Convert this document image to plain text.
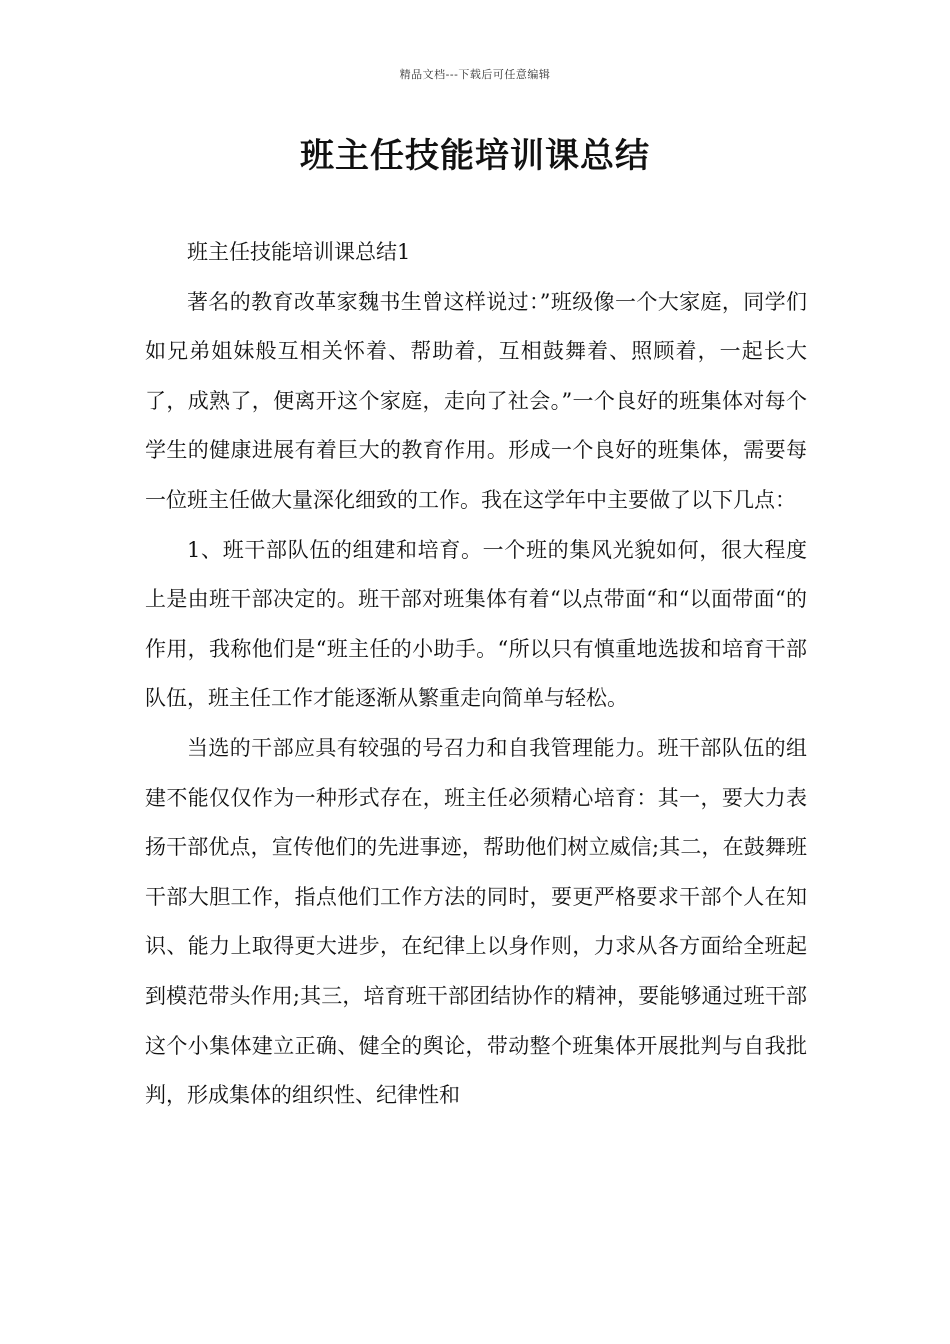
精品文档---下载后可任意编辑
班主任技能培训课总结

班主任技能培训课总结1

著名的教育改革家魏书生曾这样说过：”班级像一个大家庭，同学们如兄弟姐妹般互相关怀着、帮助着，互相鼓舞着、照顾着，一起长大了，成熟了，便离开这个家庭，走向了社会。”一个良好的班集体对每个学生的健康进展有着巨大的教育作用。形成一个良好的班集体，需要每一位班主任做大量深化细致的工作。我在这学年中主要做了以下几点：

1、班干部队伍的组建和培育。一个班的集风光貌如何，很大程度上是由班干部决定的。班干部对班集体有着“以点带面“和“以面带面“的作用，我称他们是“班主任的小助手。“所以只有慎重地选拔和培育干部队伍，班主任工作才能逐渐从繁重走向简单与轻松。

当选的干部应具有较强的号召力和自我管理能力。班干部队伍的组建不能仅仅作为一种形式存在，班主任必须精心培育：其一，要大力表扬干部优点，宣传他们的先进事迹，帮助他们树立威信;其二，在鼓舞班干部大胆工作，指点他们工作方法的同时，要更严格要求干部个人在知识、能力上取得更大进步，在纪律上以身作则，力求从各方面给全班起到模范带头作用;其三，培育班干部团结协作的精神，要能够通过班干部这个小集体建立正确、健全的舆论，带动整个班集体开展批判与自我批判，形成集体的组织性、纪律性和
